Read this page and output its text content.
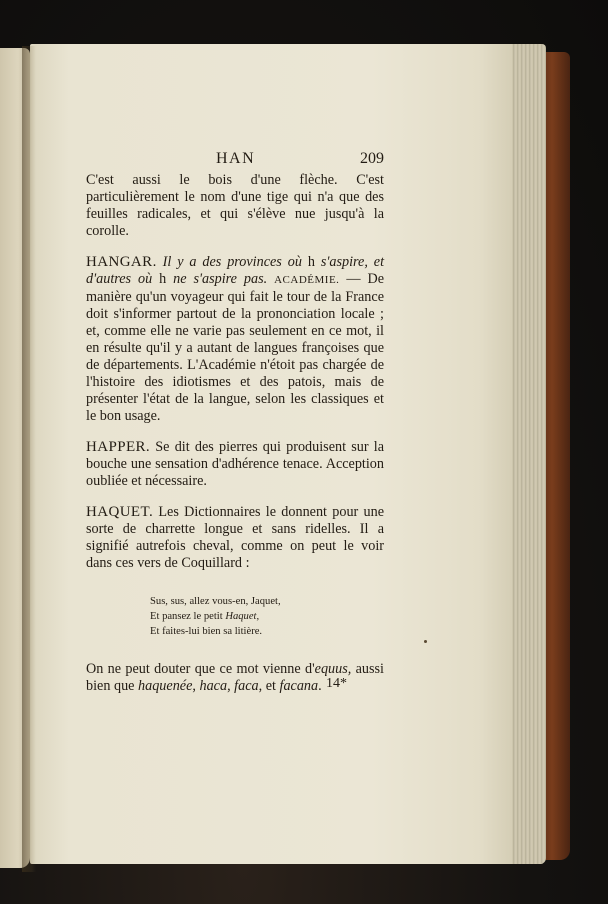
HAN	209

C'est aussi le bois d'une flèche. C'est particulièrement le nom d'une tige qui n'a que des feuilles radicales, et qui s'élève nue jusqu'à la corolle.

HANGAR. Il y a des provinces où h s'aspire, et d'autres où h ne s'aspire pas. ACADÉMIE. — De manière qu'un voyageur qui fait le tour de la France doit s'informer partout de la prononciation locale ; et, comme elle ne varie pas seulement en ce mot, il en résulte qu'il y a autant de langues françoises que de départements. L'Académie n'étoit pas chargée de l'histoire des idiotismes et des patois, mais de présenter l'état de la langue, selon les classiques et le bon usage.

HAPPER. Se dit des pierres qui produisent sur la bouche une sensation d'adhérence tenace. Acception oubliée et nécessaire.

HAQUET. Les Dictionnaires le donnent pour une sorte de charrette longue et sans ridelles. Il a signifié autrefois cheval, comme on peut le voir dans ces vers de Coquillard :

Sus, sus, allez vous-en, Jaquet,
Et pansez le petit Haquet,
Et faites-lui bien sa litière.

On ne peut douter que ce mot vienne d'equus, aussi bien que haquenée, haca, faca, et facana. 14*
